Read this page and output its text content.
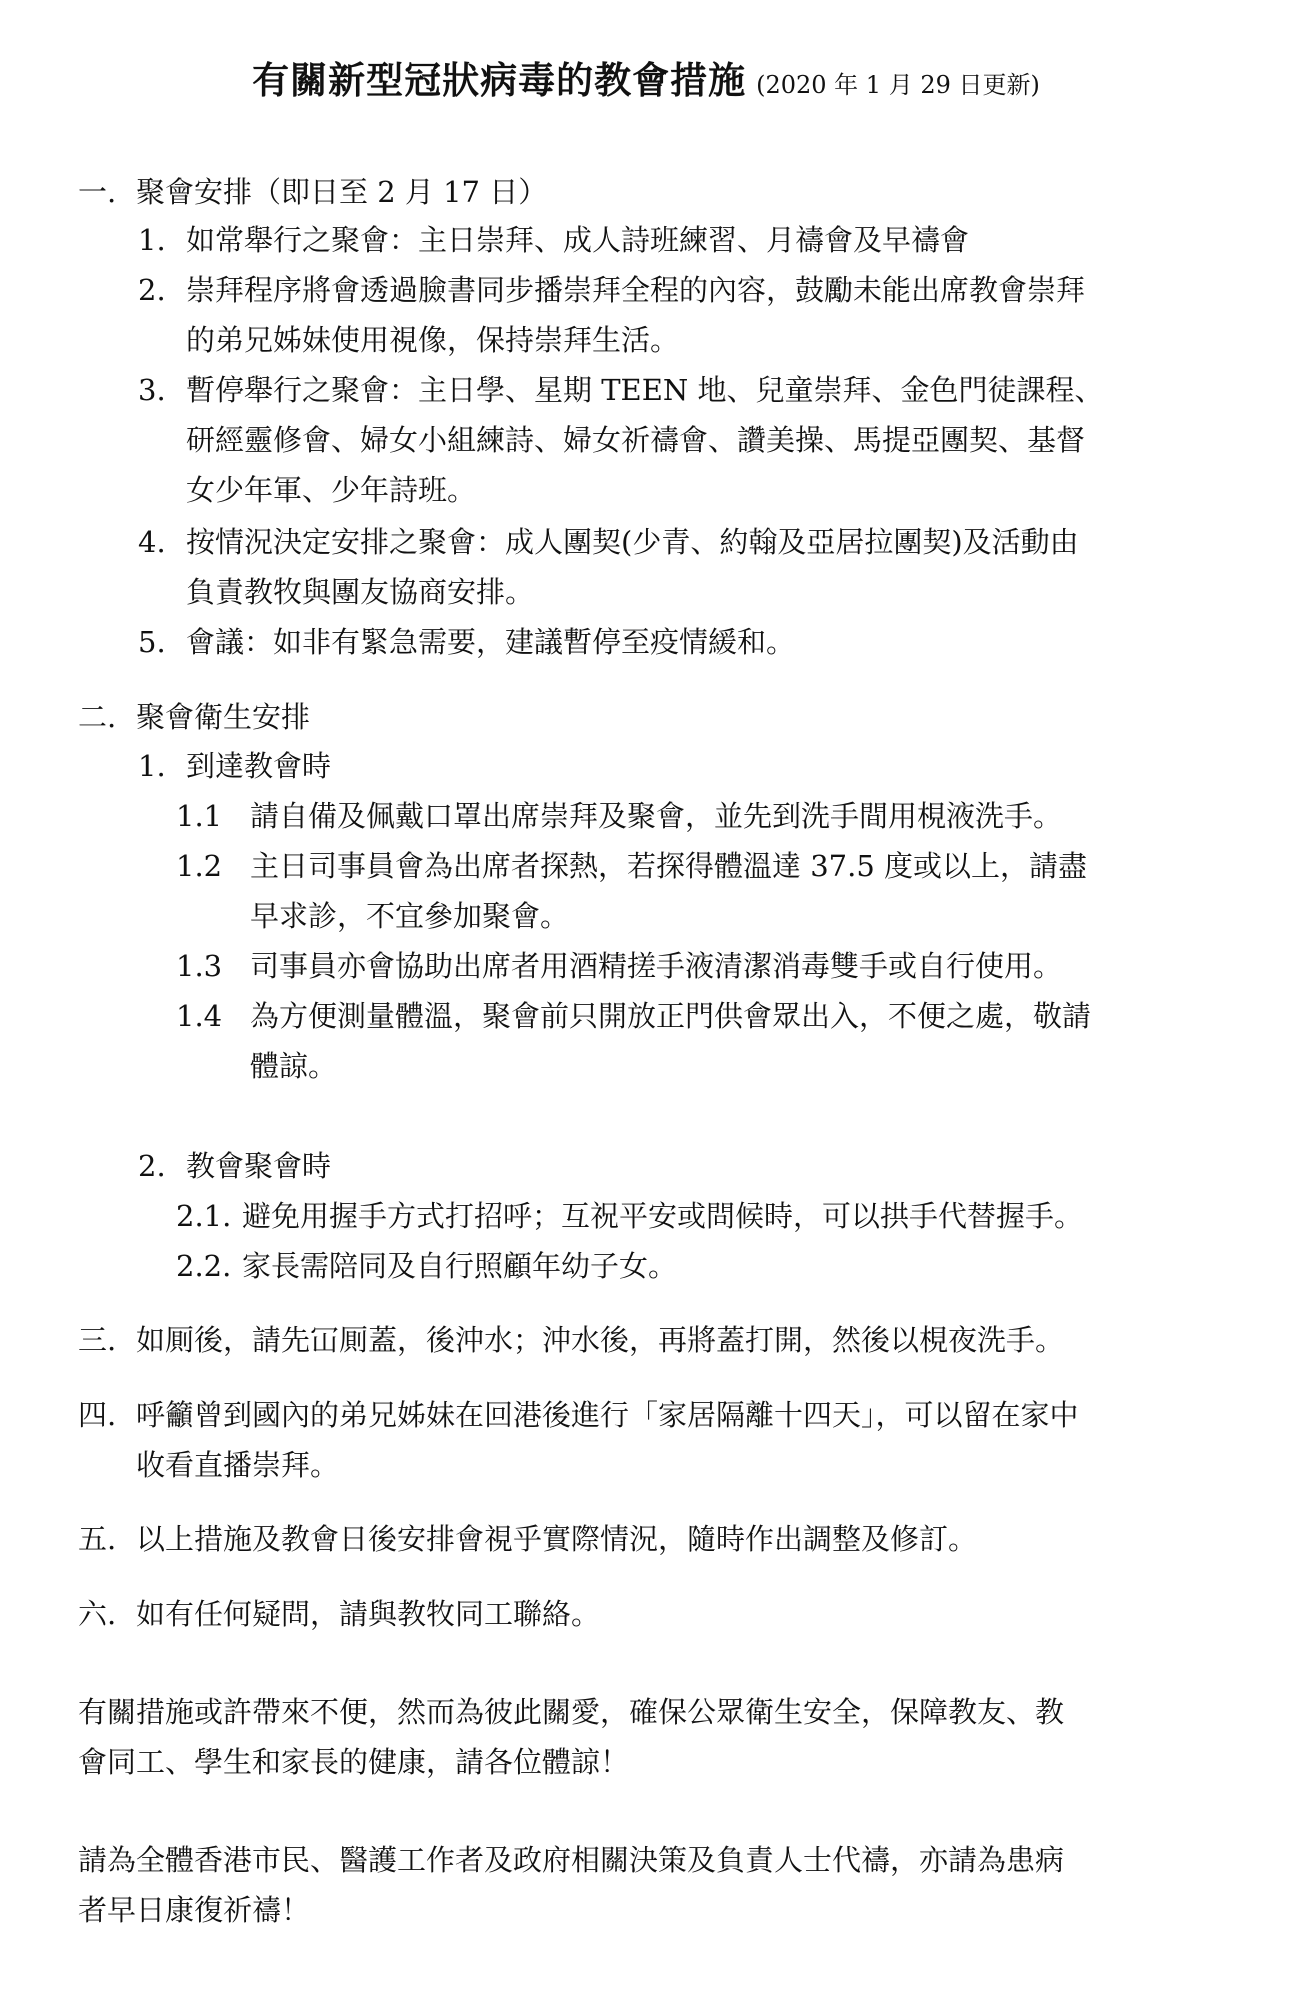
有關新型冠狀病毒的教會措施 (2020 年 1 月 29 日更新)
一. 聚會安排（即日至 2 月 17 日）
1. 如常舉行之聚會：主日崇拜、成人詩班練習、月禱會及早禱會
2. 崇拜程序將會透過臉書同步播崇拜全程的內容，鼓勵未能出席教會崇拜
的弟兄姊妹使用視像，保持崇拜生活。
3. 暫停舉行之聚會：主日學、星期 TEEN 地、兒童崇拜、金色門徒課程、
研經靈修會、婦女小組練詩、婦女祈禱會、讚美操、馬提亞團契、基督
女少年軍、少年詩班。
4. 按情況決定安排之聚會：成人團契(少青、約翰及亞居拉團契)及活動由
負責教牧與團友協商安排。
5. 會議：如非有緊急需要，建議暫停至疫情緩和。
二. 聚會衛生安排
1. 到達教會時
1.1 請自備及佩戴口罩出席崇拜及聚會，並先到洗手間用梘液洗手。
1.2 主日司事員會為出席者探熱，若探得體溫達 37.5 度或以上，請盡
早求診，不宜參加聚會。
1.3 司事員亦會協助出席者用酒精搓手液清潔消毒雙手或自行使用。
1.4 為方便測量體溫，聚會前只開放正門供會眾出入，不便之處，敬請
體諒。
2. 教會聚會時
2.1. 避免用握手方式打招呼；互祝平安或問候時，可以拱手代替握手。
2.2. 家長需陪同及自行照顧年幼子女。
三. 如厠後，請先冚厠蓋，後沖水；沖水後，再將蓋打開，然後以梘夜洗手。
四. 呼籲曾到國內的弟兄姊妹在回港後進行「家居隔離十四天」，可以留在家中
收看直播崇拜。
五. 以上措施及教會日後安排會視乎實際情況，隨時作出調整及修訂。
六. 如有任何疑問，請與教牧同工聯絡。
有關措施或許帶來不便，然而為彼此關愛，確保公眾衛生安全，保障教友、教
會同工、學生和家長的健康，請各位體諒！
請為全體香港市民、醫護工作者及政府相關決策及負責人士代禱，亦請為患病
者早日康復祈禱！
